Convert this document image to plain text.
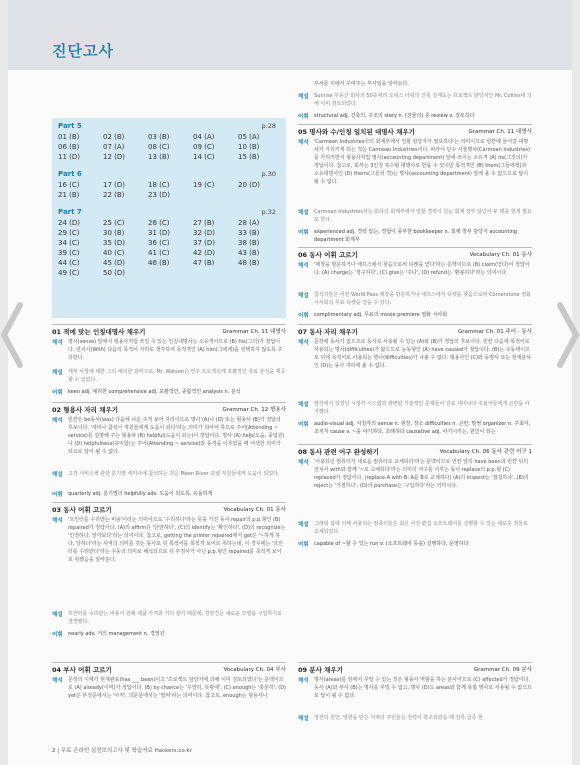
진단고사
Part 5	p.28
01 (B)	02 (B)	03 (B)	04 (A)	05 (A)
06 (B)	07 (A)	08 (C)	09 (C)	10 (B)
11 (D)	12 (D)	13 (B)	14 (C)	15 (B)
Part 6	p.30
16 (C)	17 (D)	18 (C)	19 (C)	20 (D)
21 (B)	22 (B)	23 (D)
Part 7	p.32
24 (D)	25 (C)	26 (C)	27 (B)	28 (A)
29 (C)	30 (B)	31 (D)	32 (D)	33 (B)
34 (C)	35 (D)	36 (C)	37 (D)	38 (B)
39 (C)	40 (C)	41 (C)	42 (D)	43 (B)
44 (C)	45 (D)	46 (B)	47 (B)	48 (B)
49 (C)	50 (D)
01 적에 맞는 인칭대명사 채우기	Grammar Ch. 11 대명사
해석 명사(sense) 앞에서 형용사처럼 쓰일 수 있는 인칭대명사는 소유격이므로 (B) his(그의)가 정답이다. 전치사(With) 다음의 목적어 자리로 생각하여 목적격인 (A) him(그에게)을 선택하지 않도록 주의한다.
해설 세부 사항에 대한 그의 예리한 감각으로, Mr. Watson은 연구 프로젝트에 포괄적인 자료 분석을 제공할 수 있었다.
어휘 keen adj. 예리한 comprehensive adj. 포괄적인, 종합적인 analysis n. 분석
02 형용사 자리 채우기	Grammar Ch. 12 형용사
해석 빈칸은 be동사(was) 다음에 나온 주격 보어 자리이므로 명사 (A)나 (D) 또는 형용사 (B)가 정답의 후보이다. '세미나 참석이 직원들에게 도움이 되다'라는 의미가 되어야 하므로 주어(Attending ~ service)를 설명해 주는 형용사 (B) helpful(도움이 되는)이 정답이다. 명사 (A) help(도움, 종업원)나 (D) helpfulness(유익함)는 주어(Attending ~ service)와 동격을 이루었을 때 어색한 의미가 되므로 답이 될 수 없다.
해설 고객 서비스에 관한 분기별 세미나에 참석하는 것은 Moon River 호텔 직원들에게 도움이 되었다.
어휘 quarterly adj. 분기별의 helpfully adv. 도움이 되도록, 유용하게
03 동사 어휘 고르기	Vocabulary Ch. 01 동사
해석 '프린터를 수리받는 비용'이라는 의미이므로 '수리하다'라는 뜻을 가진 동사 repair의 p.p.형인 (B) repaired가 정답이다. (A)의 affirm은 '단언하다', (C)의 identify는 '확인하다', (D)의 recognize는 '인정하다, 알아보다'라는 의미이다. 참고로, getting the printer repaired에서 get은 '~하게 하다, 당하다'라는 사역의 의미를 갖는 동사로 뒤 목적어를 목적격 보어로 취하는데, 이 경우에는 '프린터를 수리받다'라는 수동의 의미로 해석되므로 뒤 부정사가 아닌 p.p.형인 repaired를 목적격 보어로 취했음을 알아둔다.
해설 프린터를 수리받는 비용이 원래 제품 가격과 거의 같기 때문에, 경영진은 새로운 모델을 구입하기로 결정했다.
어휘 nearly adv. 거의 management n. 경영진
04 부사 어휘 고르기	Vocabulary Ch. 04 부사
해석 문장의 시제가 현재완료(has ___ been)이고 '프로젝트 담당자에 의해 이미 검토되었다'는 문맥이므로 (A) already(이미)가 정답이다. (B) by chance는 '우연히, 뜻밖에', (C) enough는 '충분히', (D) yet은 부정문에서는 '아직', 의문문에서는 '벌써'라는 의미이다. 참고로, enough는 형용사나
부사를 뒤에서 꾸며주는 부사임을 알아둔다.
해설 Sunrise 부동산 회사의 50층짜리 오피스 타워의 건축 설계도는 프로젝트 담당자인 Mr. Collins에 의해 이미 검토되었다.
어휘 structural adj. 건축의, 구조의 story n. (건물의) 층 review v. 검토하다
05 명사와 수/인칭 일치된 대명사 채우기	Grammar Ch. 11 대명사
해석 'Carmoan Industries사의 회계부에서 일할 담당자가 필요하다'는 의미이므로 빈칸에 들어갈 대명사가 가리키게 되는 것은 Carmoan Industries이다. 따라서 단수 사물명사(Carmoan Industries)를 가리키면서 형용사처럼 명사(accounting department) 앞에 쓰이는 소유격 (A) its(그것의)가 정답이다. 참고로, 회사는 3인칭 복수형 대명사로 받을 수 있지만 목적격인 (B) them(그들에게)과 소유대명사인 (D) theirs(그들의 것)는 명사(accounting department) 앞에 올 수 없으므로 답이 될 수 없다.
해설 Carmoan Industries사는 회사의 회계부에서 일할 경력이 있는 회계 장부 담당자 두 명을 현재 필요로 한다.
어휘 experienced adj. 경력 있는, 경험이 풍부한 bookkeeper n. 회계 장부 담당자 accounting department 회계부
06 동사 어휘 고르기	Vocabulary Ch. 01 동사
해석 '매장을 방문하거나 애프스에서 찾음으로써 티켓을 얻다'라는 문맥이므로 (B) claim(얻다)이 정답이다. (A) charge는 '청구하다', (C) give는 '주다', (D) refund는 '환불하다'라는 의미이다.
해설 참석자들은 어떤 World Pass 매장을 방문하거나 애프스에서 티켓을 찾음으로써 Cornerstone 영화 시사회의 무료 티켓을 얻을 수 있다.
어휘 complimentary adj. 무료의 movie premiere 영화 시사회
07 동사 자리 채우기	Grammar Ch. 01 주어 · 동사
해석 문장에 동사가 없으므로 동사로 사용될 수 있는 (A)와 (B)가 정답의 후보이다. 빈칸 다음에 목적어로 사용되는 명사(difficulties)가 왔으므로 능동형인 (A) have caused가 정답이다. (B)는 수동태이므로 뒤에 목적어로 사용되는 명사(difficulties)가 나올 수 없다. 형용사인 (C)와 동명사 또는 현재분사인 (D)는 동사 자리에 올 수 없다.
해설 현장에서 있었던 시청각 시스템과 관련된 기술적인 문제들이 진료 세미나의 주최자들에게 곤란을 야기했다.
어휘 audio-visual adj. 시청각의 venue n. 현장, 장소 difficulties n. 곤란, 말썽 organizer n. 주최자, 조직자 cause v. ~을 야기하다, 초래하다 causative adj. 야기시키는, 원인이 되는
08 동사 관련 어구 완성하기	Vocabulary Ch. 06 동사 관련 어구 1
해석 '사용되던 컴퓨터가 새로운 컴퓨터로 교체되다'라는 문맥이므로 빈칸 앞의 have been과 빈칸 뒤의 전치사 with와 함께 '~로 교체되다'라는 의미의 어구를 이루는 동사 replace의 p.p.형 (C) replaced가 정답이다. (replace A with B: A를 B로 교체하다) (A)의 inspect는 '점검하다', (B)의 reject는 '거절하다', (D)의 purchase는 '구입하다'라는 의미이다.
해설 그래픽 팀에 의해 사용되는 컴퓨터들은 최신 사진 편집 소프트웨어를 실행할 수 있는 새로운 것들로 교체되었다.
어휘 capable of ~할 수 있는 run v. (소프트웨어 등을) 실행하다, 운영하다
09 분사 채우기	Grammar Ch. 09 분사
해석 명사(areas)를 앞에서 꾸밀 수 있는 것은 형용사 역할을 하는 분사이므로 (C) affected가 정답이다. 동사 (A)와 부사 (B)는 명사를 꾸밀 수 없고, 명사 (D)도 areas와 함께 복합 명사로 사용될 수 없으므로 답이 될 수 없다.
해설 정전의 원인, 영향을 받은 지역의 주민들은 전력이 복구되었을 때 전류 급증 현
2 | 무료 온라인 실전모의고사 및 학습자료 Hackers.co.kr
